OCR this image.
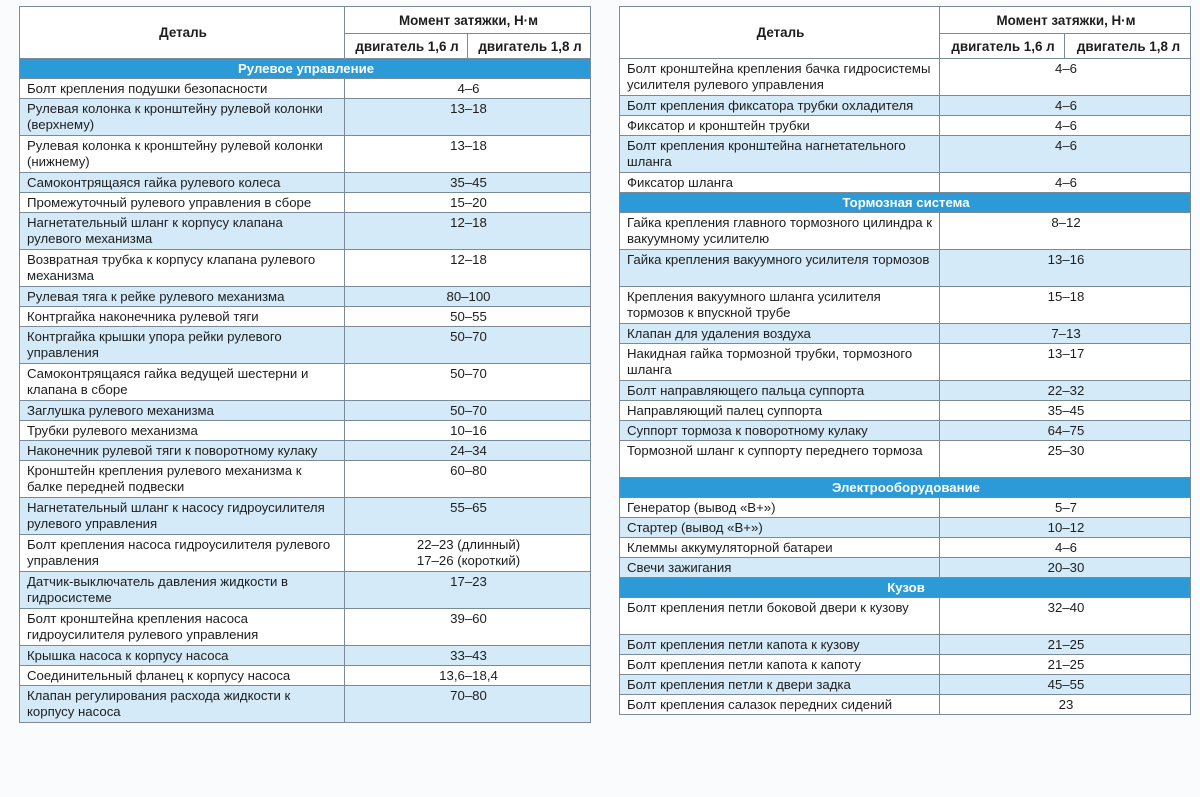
Деталь	Момент затяжки, Н·м	
	двигатель 1,6 л	двигатель 1,8 л
Рулевое управление		
Болт крепления подушки безопасности	4–6	
Рулевая колонка к кронштейну рулевой колонки (верхнему)	13–18	
Рулевая колонка к кронштейну рулевой колонки (нижнему)	13–18	
Самоконтрящаяся гайка рулевого колеса	35–45	
Промежуточный рулевого управления в сборе	15–20	
Нагнетательный шланг к корпусу клапана рулевого механизма	12–18	
Возвратная трубка к корпусу клапана рулевого механизма	12–18	
Рулевая тяга к рейке рулевого механизма	80–100	
Контргайка наконечника рулевой тяги	50–55	
Контргайка крышки упора рейки рулевого управления	50–70	
Самоконтрящаяся гайка ведущей шестерни и клапана в сборе	50–70	
Заглушка рулевого механизма	50–70	
Трубки рулевого механизма	10–16	
Наконечник рулевой тяги к поворотному кулаку	24–34	
Кронштейн крепления рулевого механизма к балке передней подвески	60–80	
Нагнетательный шланг к насосу гидроусилителя рулевого управления	55–65	
Болт крепления насоса гидроусилителя рулевого управления	22–23 (длинный)
17–26 (короткий)	

Датчик-выключатель давления жидкости в гидросистеме	17–23	
Болт кронштейна крепления насоса гидроусилителя рулевого управления	39–60	
Крышка насоса к корпусу насоса	33–43	
Соединительный фланец к корпусу насоса	13,6–18,4	
Клапан регулирования расхода жидкости к корпусу насоса	70–80	
Деталь	Момент затяжки, Н·м	
	двигатель 1,6 л	двигатель 1,8 л
Болт кронштейна крепления бачка гидросистемы усилителя рулевого управления	4–6	
Болт крепления фиксатора трубки охладителя	4–6	
Фиксатор и кронштейн трубки	4–6	
Болт крепления кронштейна нагнетательного шланга	4–6	
Фиксатор шланга	4–6	
Тормозная система		
Гайка крепления главного тормозного цилиндра к вакуумному усилителю	8–12	
Гайка крепления вакуумного усилителя тормозов	13–16	
Крепления вакуумного шланга усилителя тормозов к впускной трубе	15–18	
Клапан для удаления воздуха	7–13	
Накидная гайка тормозной трубки, тормозного шланга	13–17	
Болт направляющего пальца суппорта	22–32	
Направляющий палец суппорта	35–45	
Суппорт тормоза к поворотному кулаку	64–75	
Тормозной шланг к суппорту переднего тормоза	25–30	
Электрооборудование		
Генератор (вывод «В+»)	5–7	
Стартер (вывод «В+»)	10–12	
Клеммы аккумуляторной батареи	4–6	
Свечи зажигания	20–30	
Кузов		
Болт крепления петли боковой двери к кузову	32–40	
Болт крепления петли капота к кузову	21–25	
Болт крепления петли капота к капоту	21–25	
Болт крепления петли к двери задка	45–55	
Болт крепления салазок передних сидений	23	
